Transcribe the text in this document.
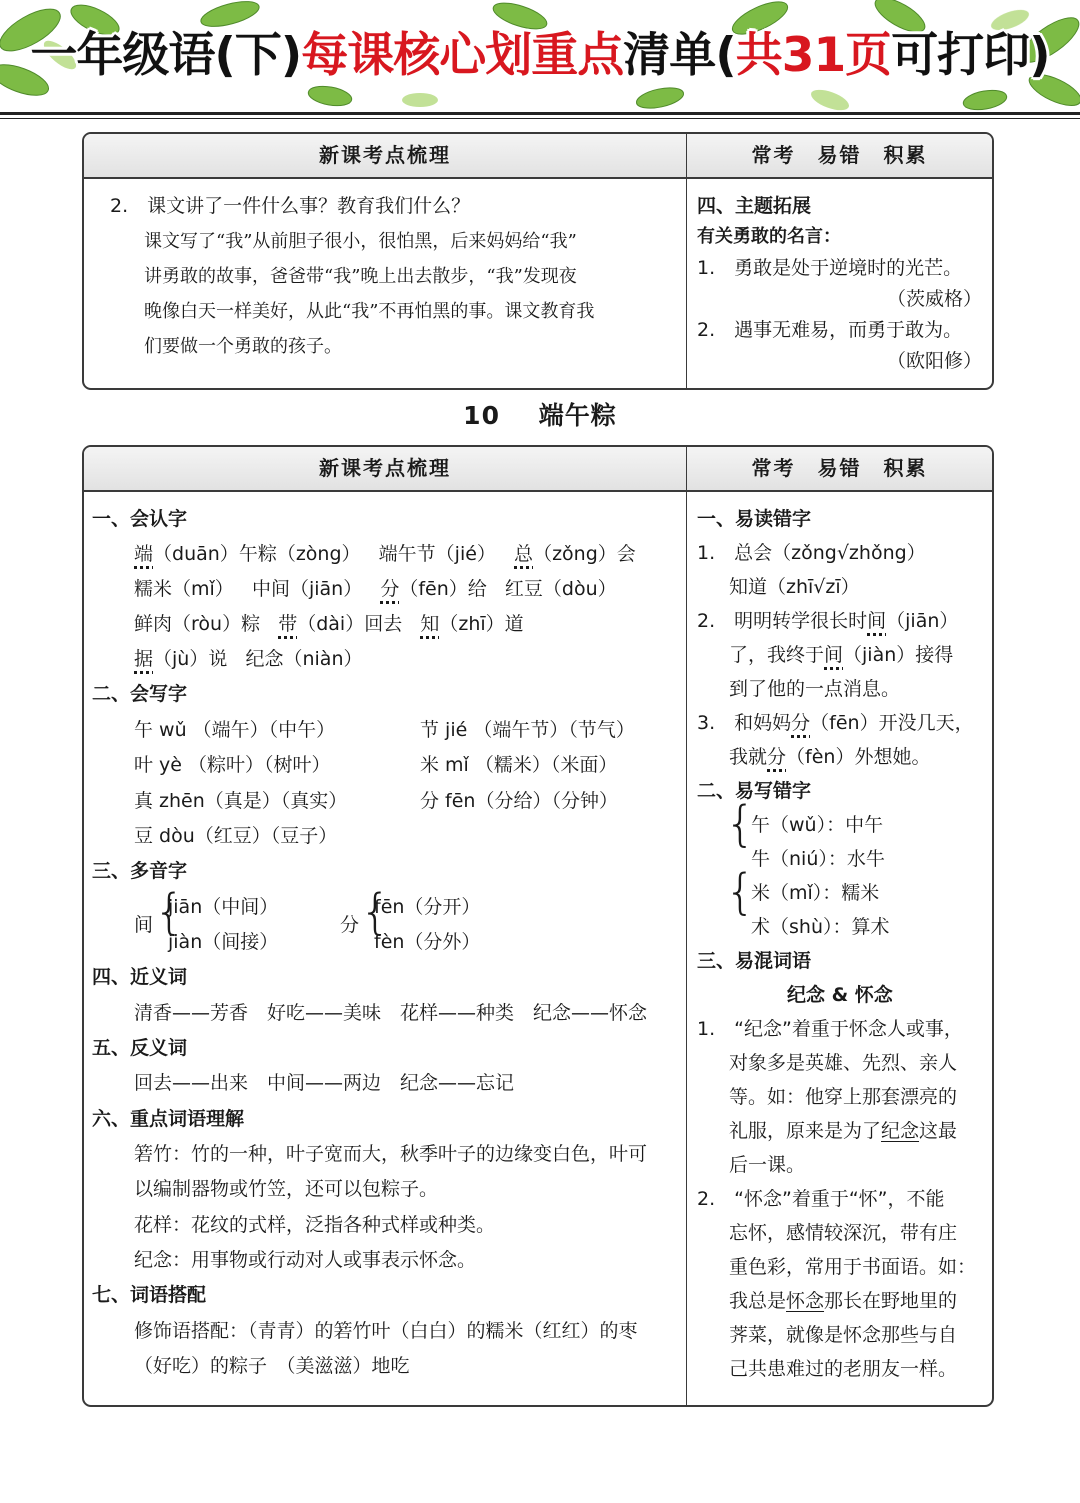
一年级语(下)每课核心划重点清单(共31页可打印)
新课考点梳理	常考　易错　积累
2.　课文讲了一件什么事？教育我们什么？
课文写了“我”从前胆子很小，很怕黑，后来妈妈给“我”
讲勇敢的故事，爸爸带“我”晚上出去散步，“我”发现夜
晚像白天一样美好，从此“我”不再怕黑的事。课文教育我
们要做一个勇敢的孩子。
四、主题拓展
有关勇敢的名言：
1.　勇敢是处于逆境时的光芒。
（茨威格）
2.　遇事无难易，而勇于敢为。
（欧阳修）
10 端午粽
新课考点梳理	常考　易错　积累
一、会认字
端（duān）午粽（zòng） 端午节（jié） 总（zǒng）会
糯米（mǐ） 中间（jiān） 分（fēn）给 红豆（dòu）
鲜肉（ròu）粽 带（dài）回去 知（zhī）道
据（jù）说 纪念（niàn）
二、会写字
午 wǔ （端午）（中午）	节 jié （端午节）（节气）
叶 yè （粽叶）（树叶）	米 mǐ （糯米）（米面）
真 zhēn（真是）（真实）	分 fēn（分给）（分钟）
豆 dòu（红豆）（豆子）
三、多音字
间 {
jiān（中间）
jiàn（间接）
分 {
fēn（分开）
fèn（分外）
四、近义词
清香——芳香　好吃——美味　花样——种类　纪念——怀念
五、反义词
回去——出来　中间——两边　纪念——忘记
六、重点词语理解
箬竹：竹的一种，叶子宽而大，秋季叶子的边缘变白色，叶可
以编制器物或竹笠，还可以包粽子。
花样：花纹的式样，泛指各种式样或种类。
纪念：用事物或行动对人或事表示怀念。
七、词语搭配
修饰语搭配：（青青）的箬竹叶（白白）的糯米（红红）的枣
（好吃）的粽子　（美滋滋）地吃
一、易读错字
1.　总会（zǒng√zhǒng）
知道（zhī√zī）
2.　明明转学很长时间（jiān）
了，我终于间（jiàn）接得
到了他的一点消息。
3.　和妈妈分（fēn）开没几天，
我就分（fèn）外想她。
二、易写错字
{
午（wǔ）：中午
牛（niú）：水牛
{
米（mǐ）：糯米
术（shù）：算术
三、易混词语
纪念 & 怀念
1.　“纪念”着重于怀念人或事，
对象多是英雄、先烈、亲人
等。如：他穿上那套漂亮的
礼服，原来是为了纪念这最
后一课。
2.　“怀念”着重于“怀”，不能
忘怀，感情较深沉，带有庄
重色彩，常用于书面语。如：
我总是怀念那长在野地里的
荠菜，就像是怀念那些与自
己共患难过的老朋友一样。
